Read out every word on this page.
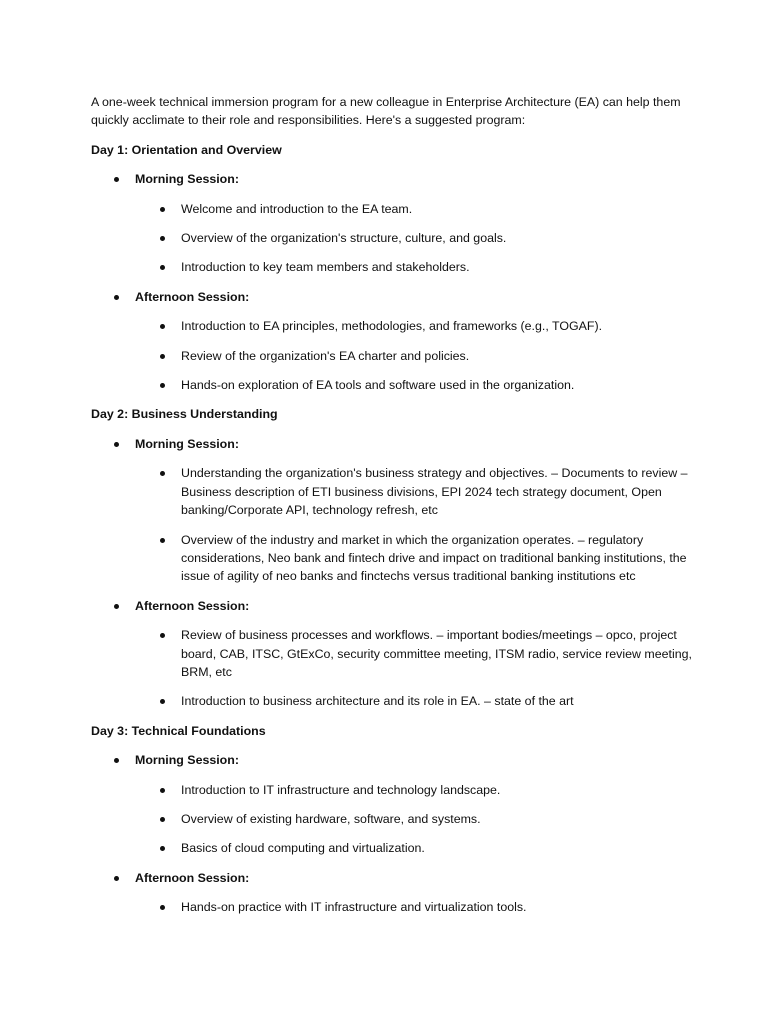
A one-week technical immersion program for a new colleague in Enterprise Architecture (EA) can help them quickly acclimate to their role and responsibilities. Here's a suggested program:

Day 1: Orientation and Overview
Morning Session:
Welcome and introduction to the EA team.
Overview of the organization's structure, culture, and goals.
Introduction to key team members and stakeholders.
Afternoon Session:
Introduction to EA principles, methodologies, and frameworks (e.g., TOGAF).
Review of the organization's EA charter and policies.
Hands-on exploration of EA tools and software used in the organization.
Day 2: Business Understanding
Morning Session:
Understanding the organization's business strategy and objectives. – Documents to review – Business description of ETI business divisions, EPI 2024 tech strategy document, Open banking/Corporate API, technology refresh, etc
Overview of the industry and market in which the organization operates. – regulatory considerations, Neo bank and fintech drive and impact on traditional banking institutions, the issue of agility of neo banks and finctechs versus traditional banking institutions etc
Afternoon Session:
Review of business processes and workflows. – important bodies/meetings – opco, project board, CAB, ITSC, GtExCo, security committee meeting, ITSM radio, service review meeting, BRM, etc
Introduction to business architecture and its role in EA. – state of the art
Day 3: Technical Foundations
Morning Session:
Introduction to IT infrastructure and technology landscape.
Overview of existing hardware, software, and systems.
Basics of cloud computing and virtualization.
Afternoon Session:
Hands-on practice with IT infrastructure and virtualization tools.
